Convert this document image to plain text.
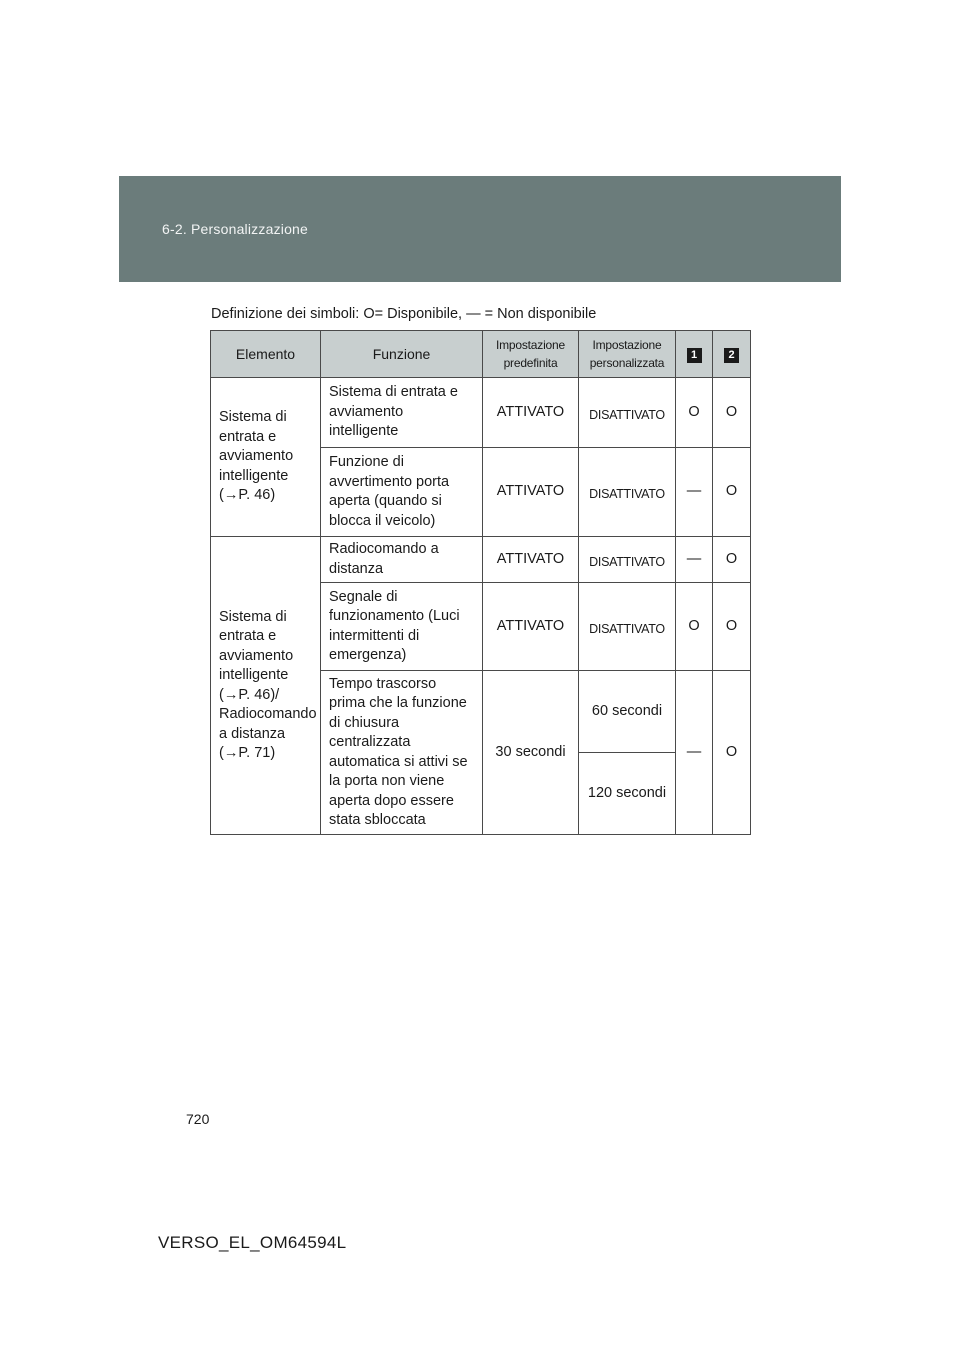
6-2. Personalizzazione
Definizione dei simboli: O= Disponibile, — = Non disponibile
Elemento	Funzione	Impostazione predefinita	Impostazione personalizzata	1	2
Sistema di entrata e avviamento intelligente (→P. 46)	Sistema di entrata e avviamento intelligente	ATTIVATO	DISATTIVATO	O	O
	Funzione di avvertimento porta aperta (quando si blocca il veicolo)	ATTIVATO	DISATTIVATO	—	O
Sistema di entrata e avviamento intelligente (→P. 46)/ Radiocomando a distanza (→P. 71)	Radiocomando a distanza	ATTIVATO	DISATTIVATO	—	O
	Segnale di funzionamento (Luci intermittenti di emergenza)	ATTIVATO	DISATTIVATO	O	O
	Tempo trascorso prima che la funzione di chiusura centralizzata automatica si attivi se la porta non viene aperta dopo essere stata sbloccata	30 secondi	60 secondi	—	O
			120 secondi		
720
VERSO_EL_OM64594L
